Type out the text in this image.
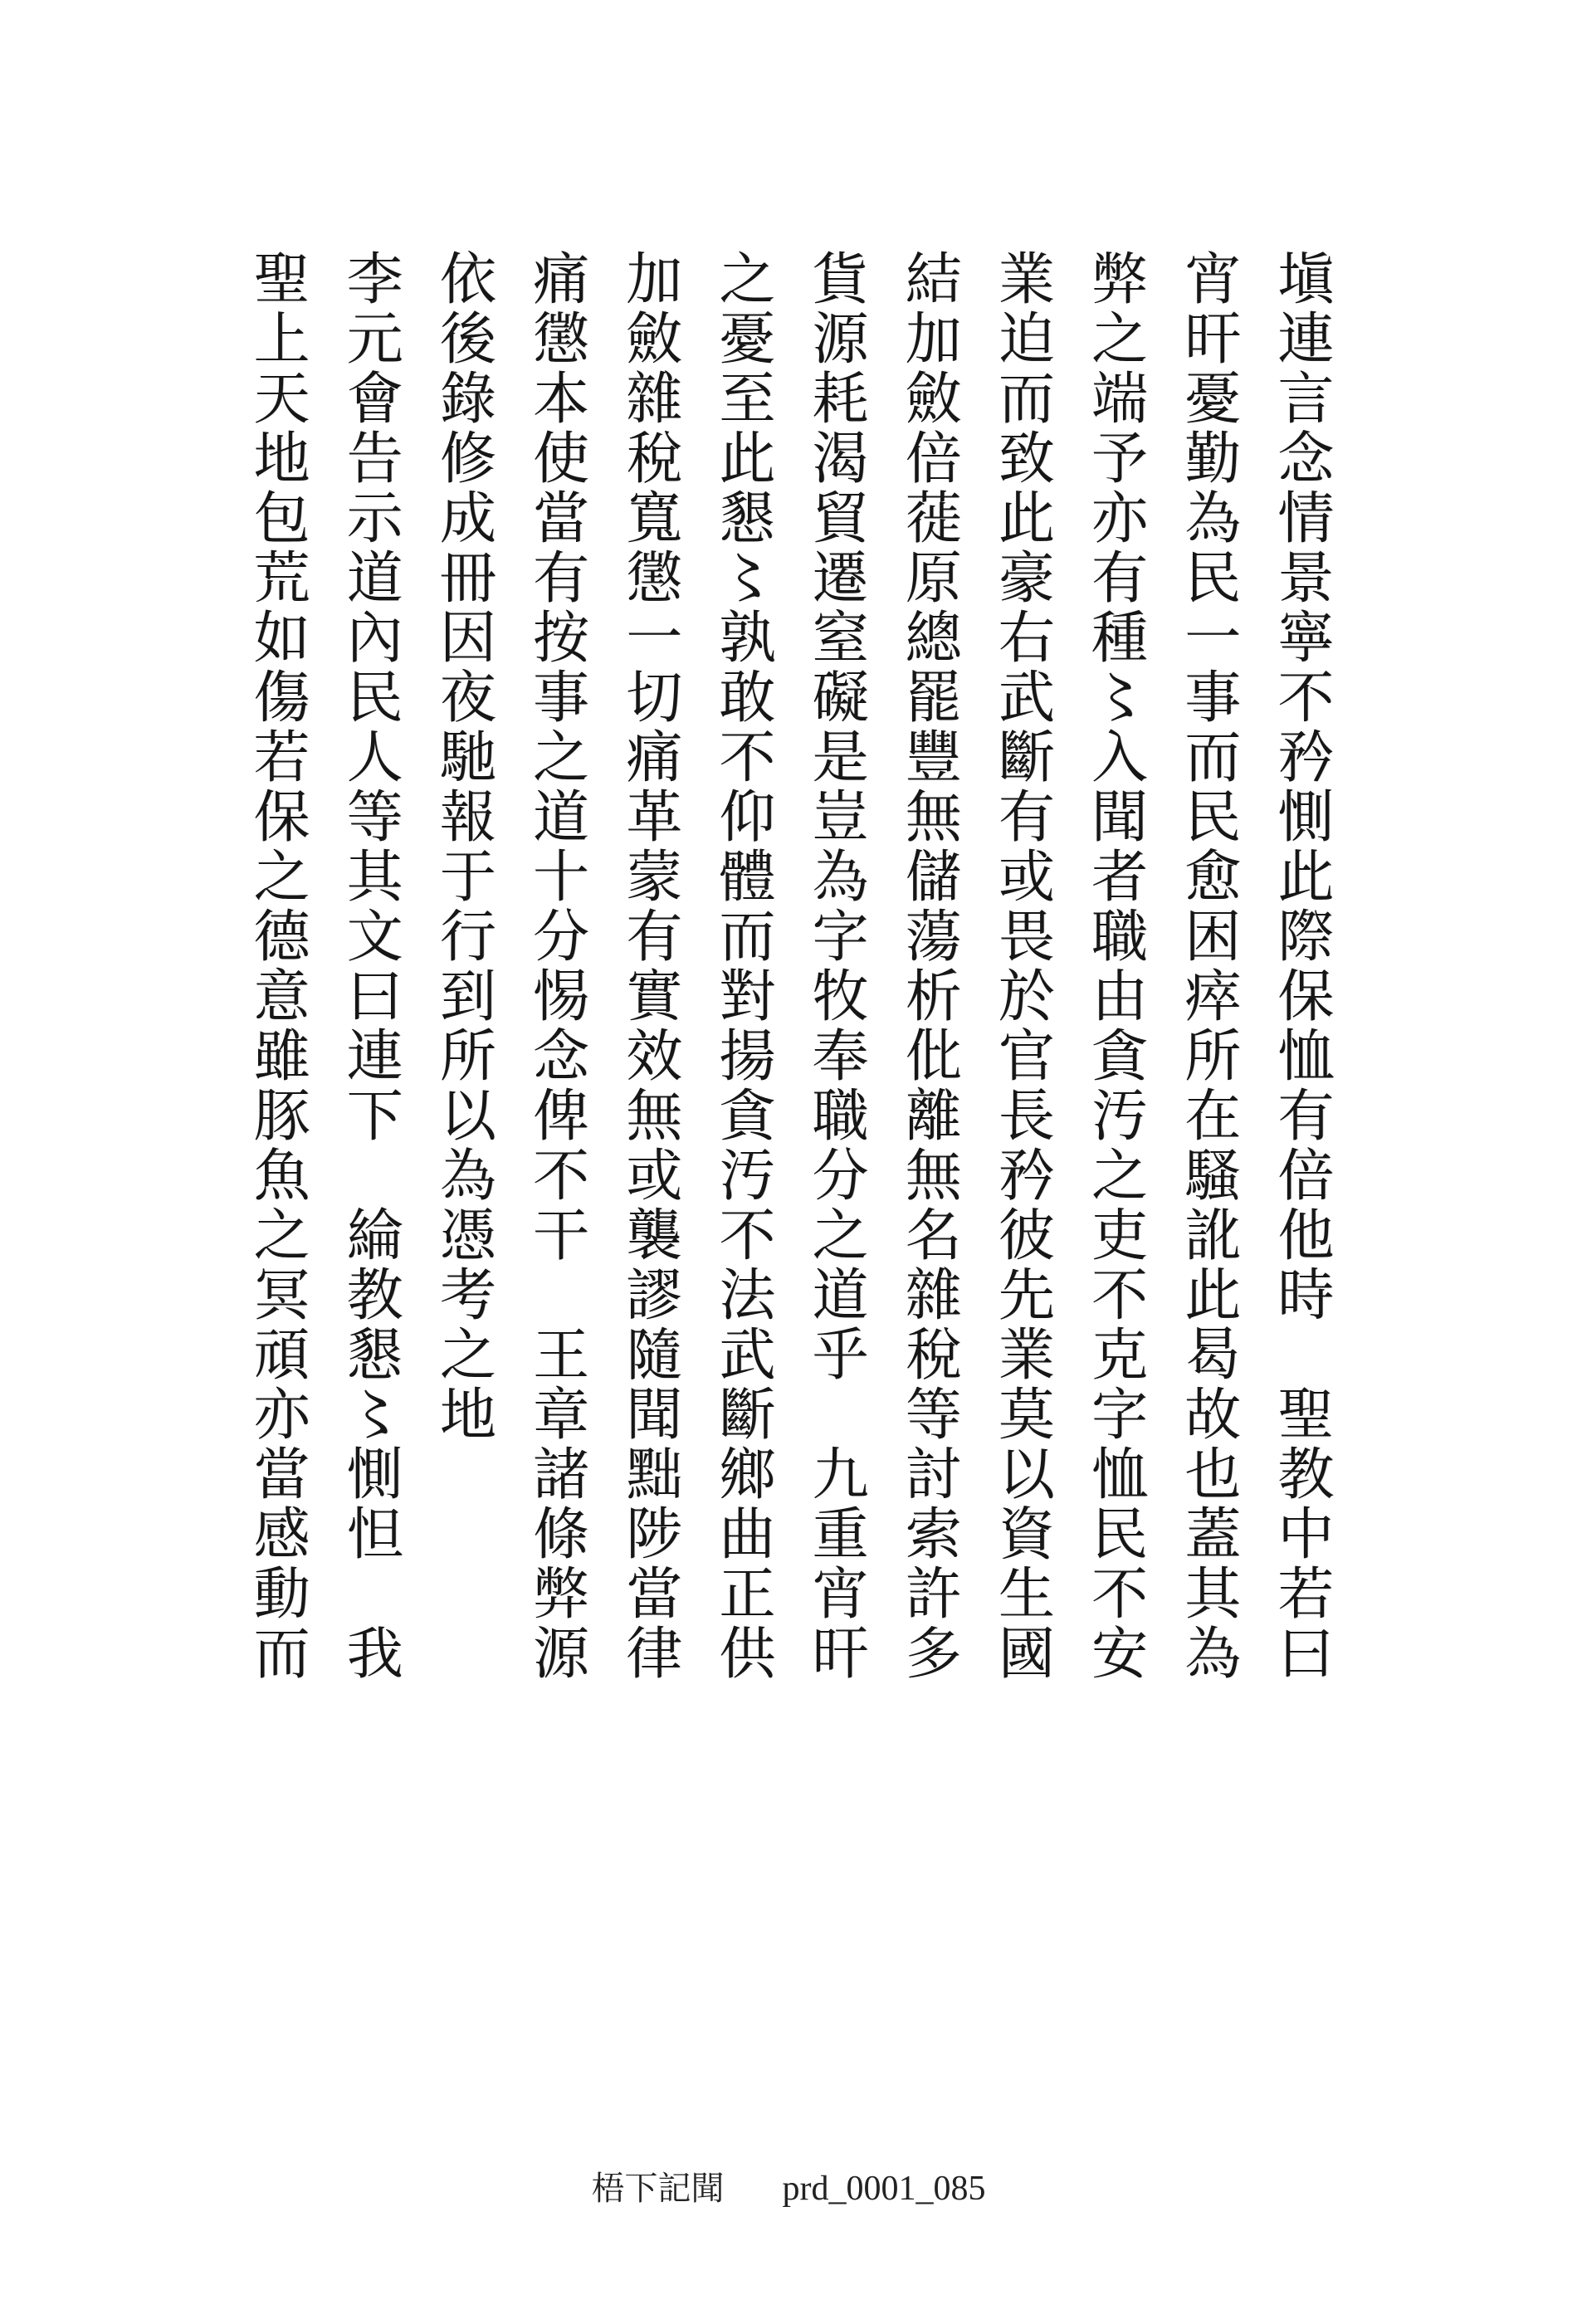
塡連言念情景寧不矜惻此際保恤有倍他時　聖教中若曰
宵旰憂勤為民一事而民愈困瘁所在騷訛此曷故也蓋其為
弊之端予亦有種〻入聞者職由貪汚之吏不克字恤民不安
業迫而致此豪右武斷有或畏於官長矜彼先業莫以資生國
結加斂倍蓰原總罷豐無儲蕩析仳離無名雜稅等討索許多
貨源耗渴貿遷窒礙是豈為字牧奉職分之道乎　九重宵旰
之憂至此懇〻孰敢不仰體而對揚貪汚不法武斷鄉曲正供
加斂雜稅寬懲一切痛革蒙有實效無或襲謬隨聞黜陟當律
痛懲本使當有按事之道十分惕念俾不干　王章諸條弊源
依後錄修成冊因夜馳報于行到所以為憑考之地
李元會告示道內民人等其文曰連下　綸教懇〻惻怛　我
聖上天地包荒如傷若保之德意雖豚魚之冥頑亦當感動而
梧下記聞 prd_0001_085
